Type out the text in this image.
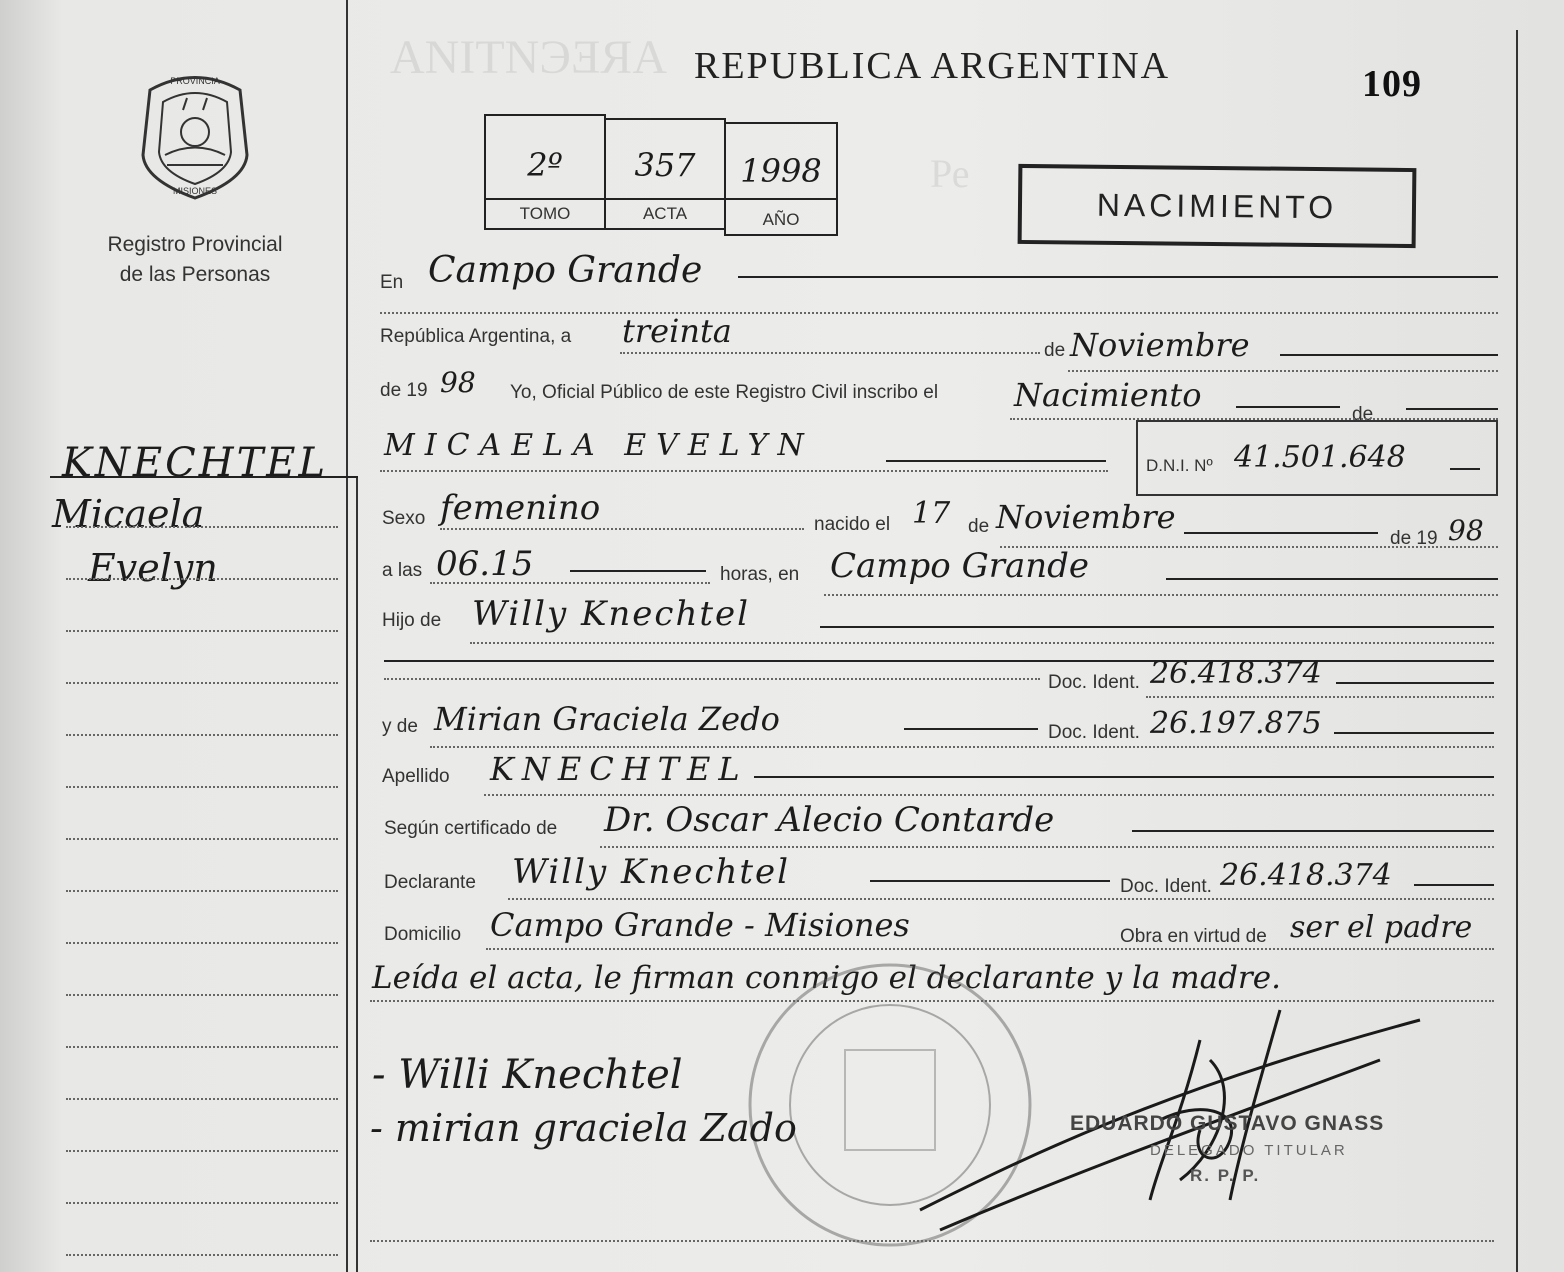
ANITNЭƎЯA
Ре
PROVINCIA
MISIONES
Registro Provincial
de las Personas
REPUBLICA ARGENTINA	109
2º
TOMO
357
ACTA
1998
AÑO	NACIMIENTO
KNECHTEL
Micaela
Evelyn
En Campo Grande
República Argentina, a treinta
de Noviembre
de 19 98 Yo, Oficial Público de este Registro Civil inscribo el Nacimiento
de
MICAELA EVELYN
D.N.I. Nº 41.501.648
Sexo femenino	nacido el 17 de Noviembre
de 19 98
a las 06.15	horas, en Campo Grande
Hijo de Willy Knechtel
Doc. Ident. 26.418.374
y de Mirian Graciela Zedo	Doc. Ident. 26.197.875
Apellido KNECHTEL
Según certificado de Dr. Oscar Alecio Contarde
Declarante Willy Knechtel	Doc. Ident. 26.418.374
Domicilio Campo Grande - Misiones	Obra en virtud de ser el padre
Leída el acta, le firman conmigo el declarante y la madre.
- Willi Knechtel
- mirian graciela Zado	EDUARDO GUSTAVO GNASS
DELEGADO TITULAR
R. P. P.
